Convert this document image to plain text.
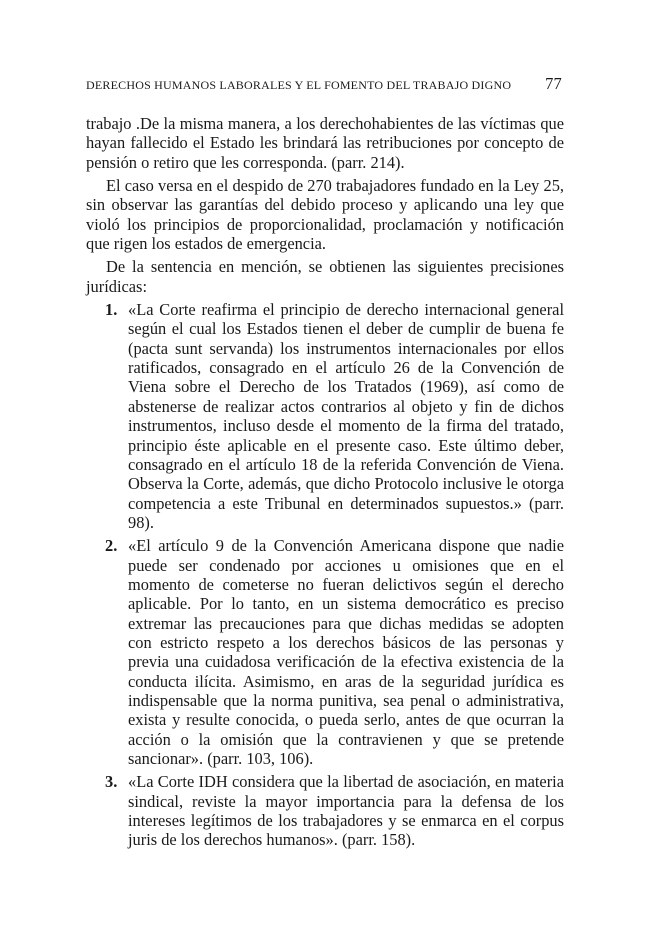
DERECHOS HUMANOS LABORALES Y EL FOMENTO DEL TRABAJO DIGNO 77

trabajo .De la misma manera, a los derechohabientes de las víctimas que hayan fallecido el Estado les brindará las retribuciones por concepto de pensión o retiro que les corresponda. (parr. 214).

El caso versa en el despido de 270 trabajadores fundado en la Ley 25, sin observar las garantías del debido proceso y aplicando una ley que violó los principios de proporcionalidad, proclamación y notificación que rigen los estados de emergencia.

De la sentencia en mención, se obtienen las siguientes precisiones jurídicas:

1. «La Corte reafirma el principio de derecho internacional general según el cual los Estados tienen el deber de cumplir de buena fe (pacta sunt servanda) los instrumentos internacionales por ellos ratificados, consagrado en el artículo 26 de la Convención de Viena sobre el Derecho de los Tratados (1969), así como de abstenerse de realizar actos contrarios al objeto y fin de dichos instrumentos, incluso desde el momento de la firma del tratado, principio éste aplicable en el presente caso. Este último deber, consagrado en el artículo 18 de la referida Convención de Viena. Observa la Corte, además, que dicho Protocolo inclusive le otorga competencia a este Tribunal en determinados supuestos.» (parr. 98).
2. «El artículo 9 de la Convención Americana dispone que nadie puede ser condenado por acciones u omisiones que en el momento de cometerse no fueran delictivos según el derecho aplicable. Por lo tanto, en un sistema democrático es preciso extremar las precauciones para que dichas medidas se adopten con estricto respeto a los derechos básicos de las personas y previa una cuidadosa verificación de la efectiva existencia de la conducta ilícita. Asimismo, en aras de la seguridad jurídica es indispensable que la norma punitiva, sea penal o administrativa, exista y resulte conocida, o pueda serlo, antes de que ocurran la acción o la omisión que la contravienen y que se pretende sancionar». (parr. 103, 106).
3. «La Corte IDH considera que la libertad de asociación, en materia sindical, reviste la mayor importancia para la defensa de los intereses legítimos de los trabajadores y se enmarca en el corpus juris de los derechos humanos». (parr. 158).
